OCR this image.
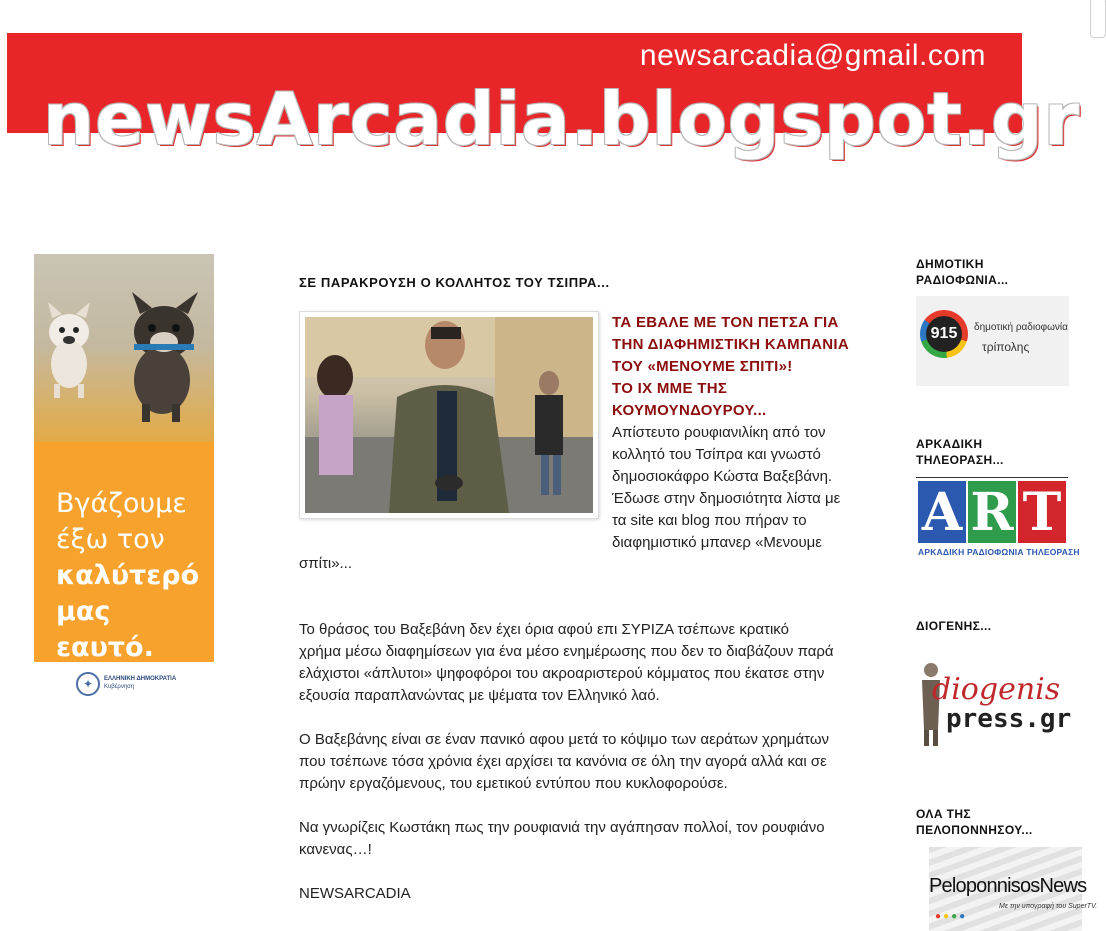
newsarcadia@gmail.com
newsArcadia.blogspot.gr
Βγάζουμε
έξω τον
καλύτερό
μας εαυτό.
✦	ΕΛΛΗΝΙΚΗ ΔΗΜΟΚΡΑΤΙΑ
Κυβέρνηση
ΣΕ ΠΑΡΑΚΡΟΥΣΗ Ο ΚΟΛΛΗΤΟΣ ΤΟΥ ΤΣΙΠΡΑ...
ΤΑ ΕΒΑΛΕ ΜΕ ΤΟΝ ΠΕΤΣΑ ΓΙΑ
ΤΗΝ ΔΙΑΦΗΜΙΣΤΙΚΗ ΚΑΜΠΑΝΙΑ
ΤΟΥ «ΜΕΝΟΥΜΕ ΣΠΙΤΙ»!
ΤΟ ΙΧ ΜΜΕ ΤΗΣ
ΚΟΥΜΟΥΝΔΟΥΡΟΥ...
Απίστευτο ρουφιανιλίκη από τον
κολλητό του Τσίπρα και γνωστό
δημοσιοκάφρο Κώστα Βαξεβάνη.
Έδωσε στην δημοσιότητα λίστα με
τα site και blog που πήραν το
διαφημιστικό μπανερ «Μενουμε
σπίτι»...
Το θράσος του Βαξεβάνη δεν έχει όρια αφού επι ΣΥΡΙΖΑ τσέπωνε κρατικό
χρήμα μέσω διαφημίσεων για ένα μέσο ενημέρωσης που δεν το διαβάζουν παρά
ελάχιστοι «άπλυτοι» ψηφοφόροι του ακροαριστερού κόμματος που έκατσε στην
εξουσία παραπλανώντας με ψέματα τον Ελληνικό λαό.
Ο Βαξεβάνης είναι σε έναν πανικό αφου μετά το κόψιμο των αεράτων χρημάτων
που τσέπωνε τόσα χρόνια έχει αρχίσει τα κανόνια σε όλη την αγορά αλλά και σε
πρώην εργαζόμενους, του εμετικού εντύπου που κυκλοφορούσε.
Να γνωρίζεις Κωστάκη πως την ρουφιανιά την αγάπησαν πολλοί, τον ρουφιάνο
κανενας…!
NEWSARCADIA
ΔΗΜΟΤΙΚΗ
ΡΑΔΙΟΦΩΝΙΑ...
915	δημοτική ραδιοφωνία
τρίπολης
ΑΡΚΑΔΙΚΗ
ΤΗΛΕΟΡΑΣΗ...
A R T
ΑΡΚΑΔΙΚΗ ΡΑΔΙΟΦΩΝΙΑ ΤΗΛΕΟΡΑΣΗ
ΔΙΟΓΕΝΗΣ...
diogenis
press.gr
ΟΛΑ ΤΗΣ
ΠΕΛΟΠΟΝΝΗΣΟΥ...
PeloponnisosNews
Με την υπογραφή του SuperTV.
●●●●
